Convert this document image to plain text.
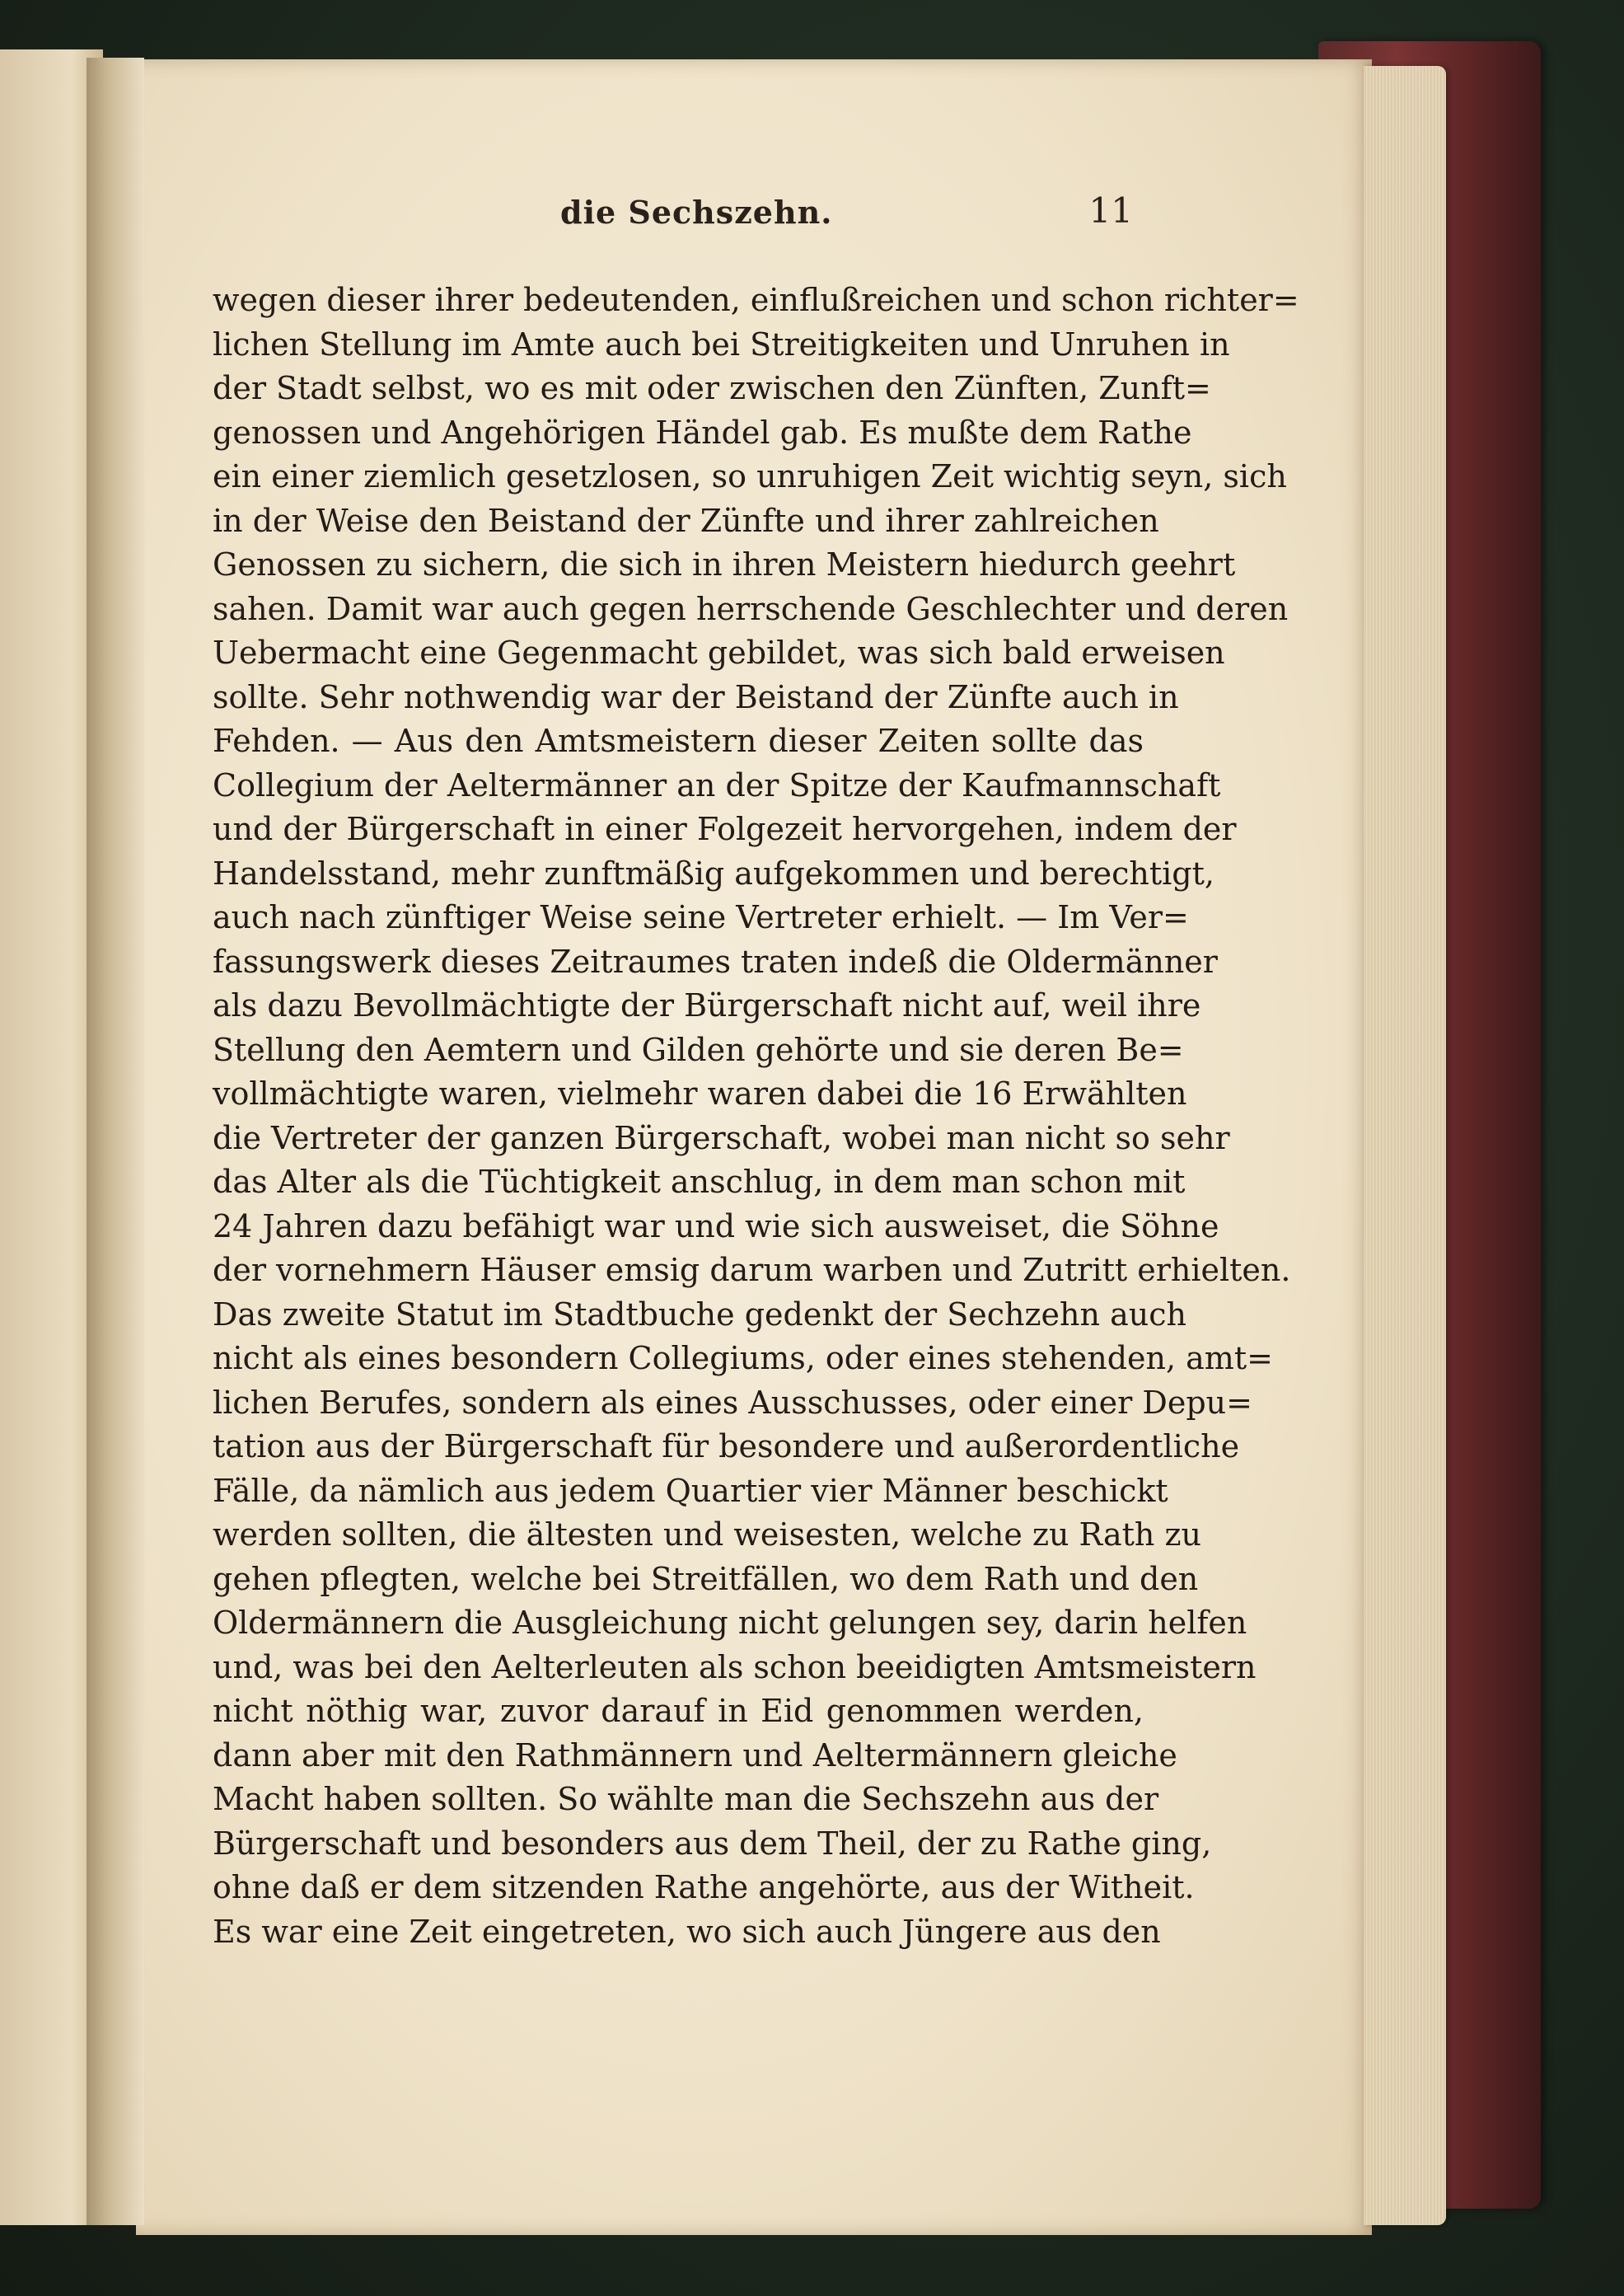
die Sechszehn.	11
wegen dieser ihrer bedeutenden, einflußreichen und schon richter=
lichen Stellung im Amte auch bei Streitigkeiten und Unruhen in
der Stadt selbst, wo es mit oder zwischen den Zünften, Zunft=
genossen und Angehörigen Händel gab. Es mußte dem Rathe
ein einer ziemlich gesetzlosen, so unruhigen Zeit wichtig seyn, sich
in der Weise den Beistand der Zünfte und ihrer zahlreichen
Genossen zu sichern, die sich in ihren Meistern hiedurch geehrt
sahen. Damit war auch gegen herrschende Geschlechter und deren
Uebermacht eine Gegenmacht gebildet, was sich bald erweisen
sollte. Sehr nothwendig war der Beistand der Zünfte auch in
Fehden. — Aus den Amtsmeistern dieser Zeiten sollte das
Collegium der Aeltermänner an der Spitze der Kaufmannschaft
und der Bürgerschaft in einer Folgezeit hervorgehen, indem der
Handelsstand, mehr zunftmäßig aufgekommen und berechtigt,
auch nach zünftiger Weise seine Vertreter erhielt. — Im Ver=
fassungswerk dieses Zeitraumes traten indeß die Oldermänner
als dazu Bevollmächtigte der Bürgerschaft nicht auf, weil ihre
Stellung den Aemtern und Gilden gehörte und sie deren Be=
vollmächtigte waren, vielmehr waren dabei die 16 Erwählten
die Vertreter der ganzen Bürgerschaft, wobei man nicht so sehr
das Alter als die Tüchtigkeit anschlug, in dem man schon mit
24 Jahren dazu befähigt war und wie sich ausweiset, die Söhne
der vornehmern Häuser emsig darum warben und Zutritt erhielten.
Das zweite Statut im Stadtbuche gedenkt der Sechzehn auch
nicht als eines besondern Collegiums, oder eines stehenden, amt=
lichen Berufes, sondern als eines Ausschusses, oder einer Depu=
tation aus der Bürgerschaft für besondere und außerordentliche
Fälle, da nämlich aus jedem Quartier vier Männer beschickt
werden sollten, die ältesten und weisesten, welche zu Rath zu
gehen pflegten, welche bei Streitfällen, wo dem Rath und den
Oldermännern die Ausgleichung nicht gelungen sey, darin helfen
und, was bei den Aelterleuten als schon beeidigten Amtsmeistern
nicht nöthig war, zuvor darauf in Eid genommen werden,
dann aber mit den Rathmännern und Aeltermännern gleiche
Macht haben sollten. So wählte man die Sechszehn aus der
Bürgerschaft und besonders aus dem Theil, der zu Rathe ging,
ohne daß er dem sitzenden Rathe angehörte, aus der Witheit.
Es war eine Zeit eingetreten, wo sich auch Jüngere aus den
